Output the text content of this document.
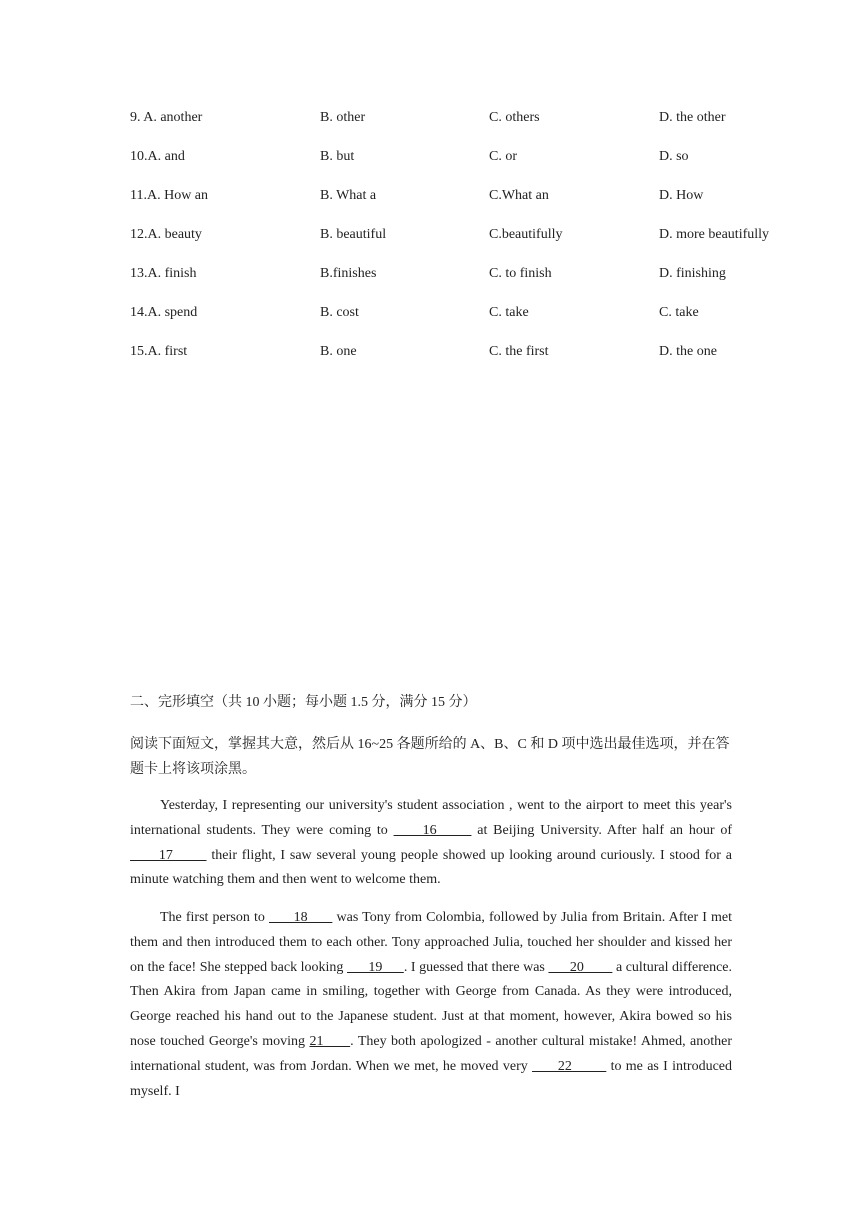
9. A. another	B. other	C. others	D. the other
10.A. and	B. but	C. or	D. so
11.A. How an	B. What a	C.What an	D. How
12.A. beauty	B. beautiful	C.beautifully	D. more beautifully
13.A. finish	B.finishes	C. to finish	D. finishing
14.A. spend	B. cost	C. take	C. take
15.A. first	B. one	C. the first	D. the one
二、完形填空（共 10 小题；每小题 1.5 分，满分 15 分）
阅读下面短文，掌握其大意，然后从 16~25 各题所给的 A、B、C 和 D 项中选出最佳选项，并在答题卡上将该项涂黑。
Yesterday, I representing our university's student association , went to the airport to meet this year's international students. They were coming to      16       at Beijing University. After half an hour of       17        their flight, I saw several young people showed up looking around curiously. I stood for a minute watching them and then went to welcome them.
The first person to       18       was Tony from Colombia, followed by Julia from Britain. After I met them and then introduced them to each other. Tony approached Julia, touched her shoulder and kissed her on the face! She stepped back looking       19      . I guessed that there was       20         a cultural difference. Then Akira from Japan came in smiling, together with George from Canada. As they were introduced, George reached his hand out to the Japanese student. Just at that moment, however, Akira bowed so his nose touched George's moving 21      . They both apologized - another cultural mistake! Ahmed, another international student, was from Jordan. When we met, he moved very       22         to me as I introduced myself. I
